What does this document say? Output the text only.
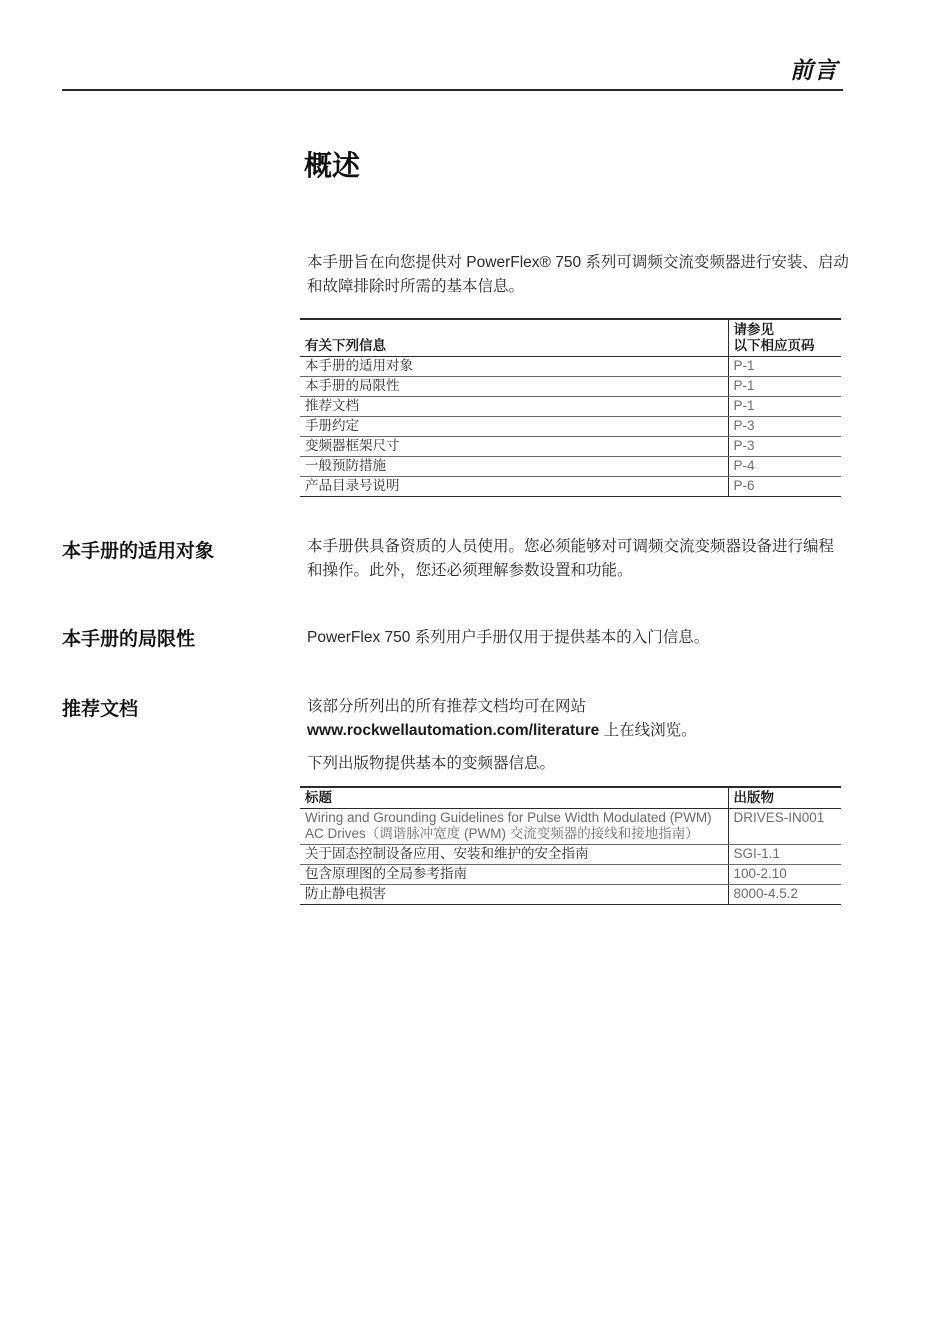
前言
概述

本手册旨在向您提供对 PowerFlex® 750 系列可调频交流变频器进行安装、启动和故障排除时所需的基本信息。

有关下列信息	请参见
以下相应页码

本手册的适用对象	P-1
本手册的局限性	P-1
推荐文档	P-1
手册约定	P-3
变频器框架尺寸	P-3
一般预防措施	P-4
产品目录号说明	P-6
本手册的适用对象	本手册供具备资质的人员使用。您必须能够对可调频交流变频器设备进行编程和操作。此外，您还必须理解参数设置和功能。

本手册的局限性	PowerFlex 750 系列用户手册仅用于提供基本的入门信息。

推荐文档	该部分所列出的所有推荐文档均可在网站
www.rockwellautomation.com/literature 上在线浏览。

下列出版物提供基本的变频器信息。

标题	出版物
Wiring and Grounding Guidelines for Pulse Width Modulated (PWM) AC Drives（调谐脉冲宽度 (PWM) 交流变频器的接线和接地指南）	DRIVES-IN001
关于固态控制设备应用、安装和维护的安全指南	SGI-1.1
包含原理图的全局参考指南	100-2.10
防止静电损害	8000-4.5.2
